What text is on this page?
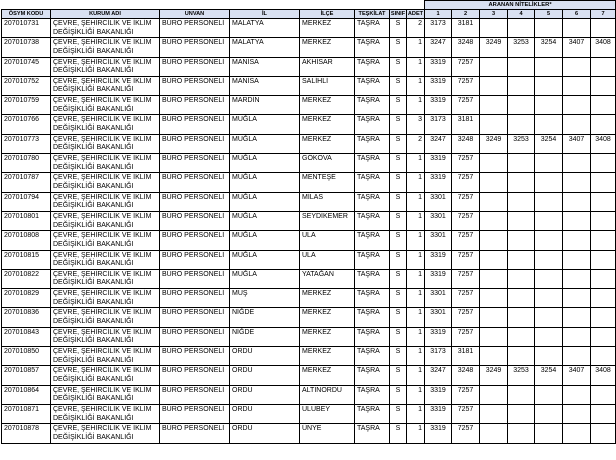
								ARANAN NİTELİKLER*						
ÖSYM KODU	KURUM ADI	UNVAN	İL	İLÇE	TEŞKİLAT	SINIF	ADET	1	2	3	4	5	6	7
207010731	ÇEVRE, ŞEHİRCİLİK VE İKLİM DEĞİŞİKLİĞİ BAKANLIĞI	BÜRO PERSONELİ	MALATYA	MERKEZ	TAŞRA	S	2	3173	3181					
207010738	ÇEVRE, ŞEHİRCİLİK VE İKLİM DEĞİŞİKLİĞİ BAKANLIĞI	BÜRO PERSONELİ	MALATYA	MERKEZ	TAŞRA	S	1	3247	3248	3249	3253	3254	3407	3408
207010745	ÇEVRE, ŞEHİRCİLİK VE İKLİM DEĞİŞİKLİĞİ BAKANLIĞI	BÜRO PERSONELİ	MANİSA	AKHİSAR	TAŞRA	S	1	3319	7257					
207010752	ÇEVRE, ŞEHİRCİLİK VE İKLİM DEĞİŞİKLİĞİ BAKANLIĞI	BÜRO PERSONELİ	MANİSA	SALİHLİ	TAŞRA	S	1	3319	7257					
207010759	ÇEVRE, ŞEHİRCİLİK VE İKLİM DEĞİŞİKLİĞİ BAKANLIĞI	BÜRO PERSONELİ	MARDİN	MERKEZ	TAŞRA	S	1	3319	7257					
207010766	ÇEVRE, ŞEHİRCİLİK VE İKLİM DEĞİŞİKLİĞİ BAKANLIĞI	BÜRO PERSONELİ	MUĞLA	MERKEZ	TAŞRA	S	3	3173	3181					
207010773	ÇEVRE, ŞEHİRCİLİK VE İKLİM DEĞİŞİKLİĞİ BAKANLIĞI	BÜRO PERSONELİ	MUĞLA	MERKEZ	TAŞRA	S	2	3247	3248	3249	3253	3254	3407	3408
207010780	ÇEVRE, ŞEHİRCİLİK VE İKLİM DEĞİŞİKLİĞİ BAKANLIĞI	BÜRO PERSONELİ	MUĞLA	GÖKOVA	TAŞRA	S	1	3319	7257					
207010787	ÇEVRE, ŞEHİRCİLİK VE İKLİM DEĞİŞİKLİĞİ BAKANLIĞI	BÜRO PERSONELİ	MUĞLA	MENTEŞE	TAŞRA	S	1	3319	7257					
207010794	ÇEVRE, ŞEHİRCİLİK VE İKLİM DEĞİŞİKLİĞİ BAKANLIĞI	BÜRO PERSONELİ	MUĞLA	MİLAS	TAŞRA	S	1	3301	7257					
207010801	ÇEVRE, ŞEHİRCİLİK VE İKLİM DEĞİŞİKLİĞİ BAKANLIĞI	BÜRO PERSONELİ	MUĞLA	SEYDİKEMER	TAŞRA	S	1	3301	7257					
207010808	ÇEVRE, ŞEHİRCİLİK VE İKLİM DEĞİŞİKLİĞİ BAKANLIĞI	BÜRO PERSONELİ	MUĞLA	ULA	TAŞRA	S	1	3301	7257					
207010815	ÇEVRE, ŞEHİRCİLİK VE İKLİM DEĞİŞİKLİĞİ BAKANLIĞI	BÜRO PERSONELİ	MUĞLA	ULA	TAŞRA	S	1	3319	7257					
207010822	ÇEVRE, ŞEHİRCİLİK VE İKLİM DEĞİŞİKLİĞİ BAKANLIĞI	BÜRO PERSONELİ	MUĞLA	YATAĞAN	TAŞRA	S	1	3319	7257					
207010829	ÇEVRE, ŞEHİRCİLİK VE İKLİM DEĞİŞİKLİĞİ BAKANLIĞI	BÜRO PERSONELİ	MUŞ	MERKEZ	TAŞRA	S	1	3301	7257					
207010836	ÇEVRE, ŞEHİRCİLİK VE İKLİM DEĞİŞİKLİĞİ BAKANLIĞI	BÜRO PERSONELİ	NİĞDE	MERKEZ	TAŞRA	S	1	3301	7257					
207010843	ÇEVRE, ŞEHİRCİLİK VE İKLİM DEĞİŞİKLİĞİ BAKANLIĞI	BÜRO PERSONELİ	NİĞDE	MERKEZ	TAŞRA	S	1	3319	7257					
207010850	ÇEVRE, ŞEHİRCİLİK VE İKLİM DEĞİŞİKLİĞİ BAKANLIĞI	BÜRO PERSONELİ	ORDU	MERKEZ	TAŞRA	S	1	3173	3181					
207010857	ÇEVRE, ŞEHİRCİLİK VE İKLİM DEĞİŞİKLİĞİ BAKANLIĞI	BÜRO PERSONELİ	ORDU	MERKEZ	TAŞRA	S	1	3247	3248	3249	3253	3254	3407	3408
207010864	ÇEVRE, ŞEHİRCİLİK VE İKLİM DEĞİŞİKLİĞİ BAKANLIĞI	BÜRO PERSONELİ	ORDU	ALTINORDU	TAŞRA	S	1	3319	7257					
207010871	ÇEVRE, ŞEHİRCİLİK VE İKLİM DEĞİŞİKLİĞİ BAKANLIĞI	BÜRO PERSONELİ	ORDU	ULUBEY	TAŞRA	S	1	3319	7257					
207010878	ÇEVRE, ŞEHİRCİLİK VE İKLİM DEĞİŞİKLİĞİ BAKANLIĞI	BÜRO PERSONELİ	ORDU	ÜNYE	TAŞRA	S	1	3319	7257					
